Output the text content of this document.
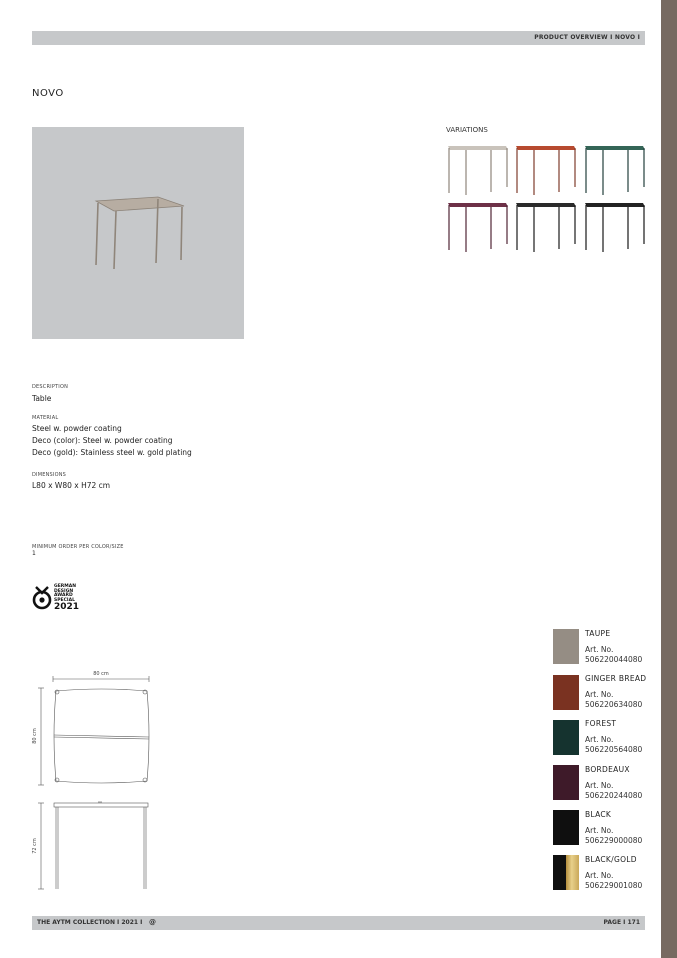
PRODUCT OVERVIEW I NOVO I
NOVO
VARIATIONS
DESCRIPTION
Table
MATERIAL
Steel w. powder coating
Deco (color): Steel w. powder coating
Deco (gold): Stainless steel w. gold plating
DIMENSIONS
L80 x W80 x H72 cm
MINIMUM ORDER PER COLOR/SIZE
1
GERMAN
DESIGN
AWARD
SPECIAL
2021
80 cm
80 cm
72 cm
TAUPE
Art. No.
506220044080
GINGER BREAD
Art. No.
506220634080
FOREST
Art. No.
506220564080
BORDEAUX
Art. No.
506220244080
BLACK
Art. No.
506229000080
BLACK/GOLD
Art. No.
506229001080
THE AYTM COLLECTION I 2021 I @	PAGE I 171
